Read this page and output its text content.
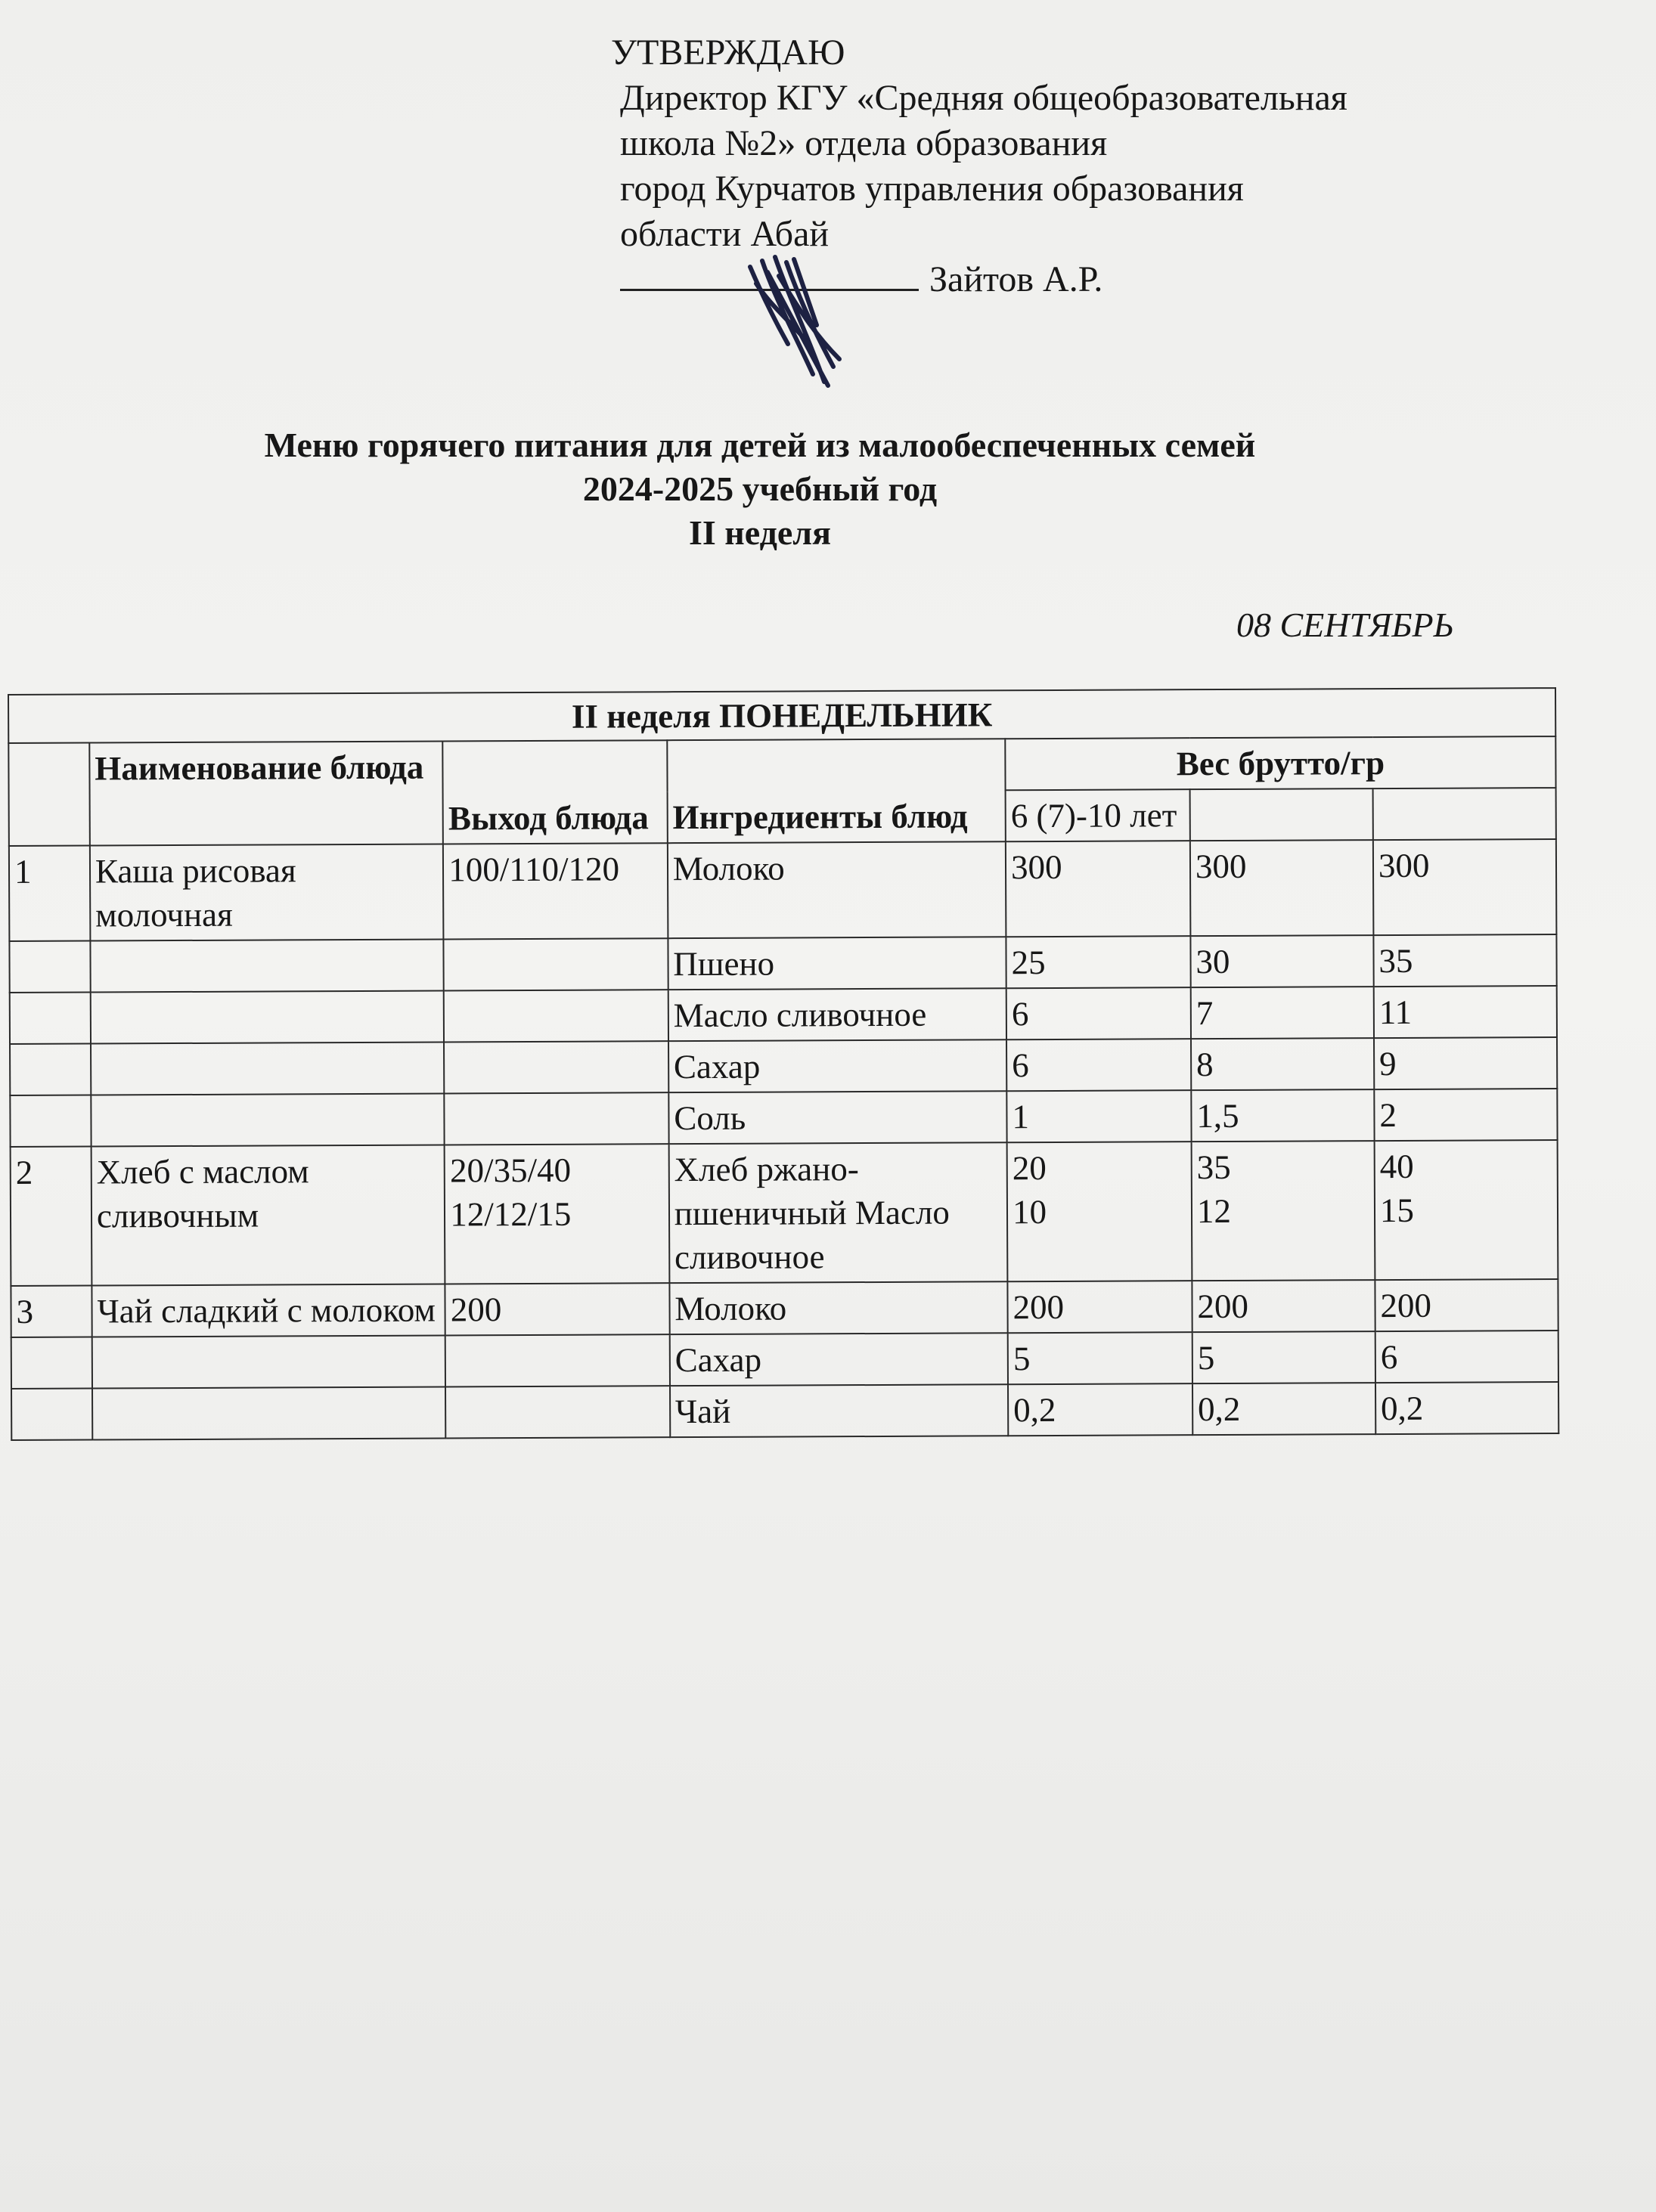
УТВЕРЖДАЮ
Директор КГУ «Средняя общеобразовательная
школа №2» отдела образования
город Курчатов управления образования
области Абай
Зайтов А.Р.
Меню горячего питания для детей из малообеспеченных семей
2024-2025 учебный год
II неделя
08 СЕНТЯБРЬ
II неделя ПОНЕДЕЛЬНИК						
	Наименование блюда	Выход блюда	Ингредиенты блюд	Вес брутто/гр		
				6 (7)-10 лет		
1	Каша рисовая молочная	100/110/120	Молоко	300	300	300
			Пшено	25	30	35
			Масло сливочное	6	7	11
			Сахар	6	8	9
			Соль	1	1,5	2
2	Хлеб с маслом сливочным	20/35/40 12/12/15	Хлеб ржано-пшеничный Масло сливочное	20 10	35 12	40 15
3	Чай сладкий с молоком	200	Молоко	200	200	200
			Сахар	5	5	6
			Чай	0,2	0,2	0,2
